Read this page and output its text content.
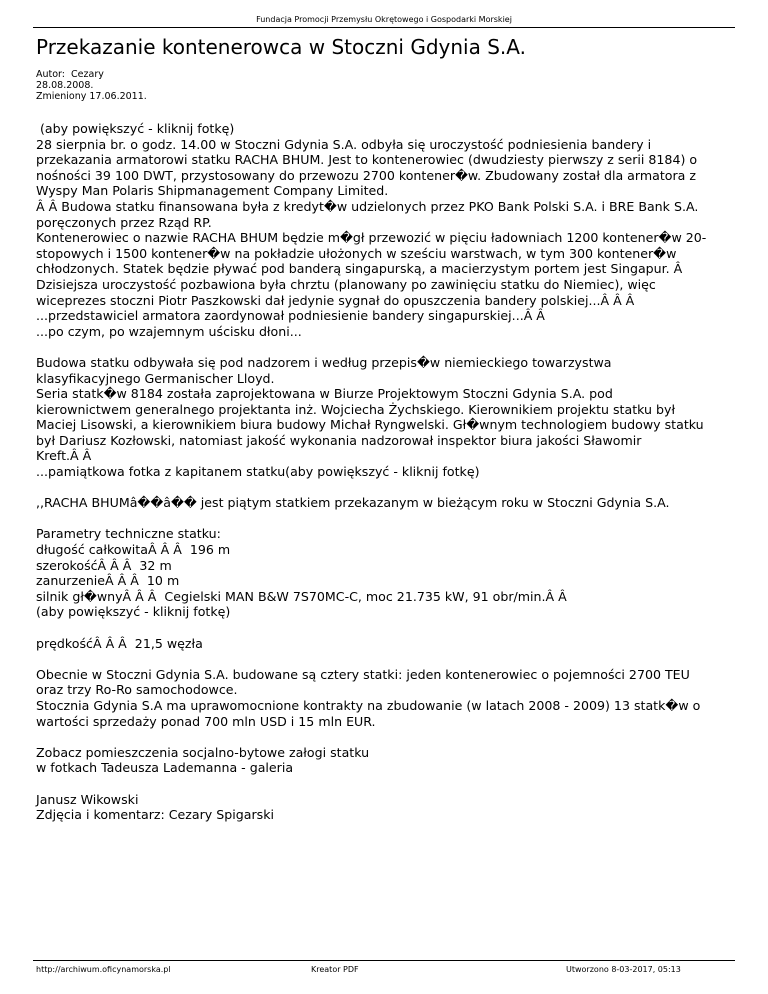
Fundacja Promocji Przemysłu Okrętowego i Gospodarki Morskiej
Przekazanie kontenerowca w Stoczni Gdynia S.A.
Autor:  Cezary
28.08.2008.
Zmieniony 17.06.2011.

(aby powiększyć - kliknij fotkę)

28 sierpnia br. o godz. 14.00 w Stoczni Gdynia S.A. odbyła się uroczystość podniesienia bandery i

przekazania armatorowi statku RACHA BHUM. Jest to kontenerowiec (dwudziesty pierwszy z serii 8184) o

nośności 39 100 DWT, przystosowany do przewozu 2700 kontener�w. Zbudowany został dla armatora z

Wyspy Man Polaris Shipmanagement Company Limited.

Â Â Budowa statku finansowana była z kredyt�w udzielonych przez PKO Bank Polski S.A. i BRE Bank S.A.

poręczonych przez Rząd RP.

Kontenerowiec o nazwie RACHA BHUM będzie m�gł przewozić w pięciu ładowniach 1200 kontener�w 20-

stopowych i 1500 kontener�w na pokładzie ułożonych w sześciu warstwach, w tym 300 kontener�w

chłodzonych. Statek będzie pływać pod banderą singapurską, a macierzystym portem jest Singapur. Â

Dzisiejsza uroczystość pozbawiona była chrztu (planowany po zawinięciu statku do Niemiec), więc

wiceprezes stoczni Piotr Paszkowski dał jedynie sygnał do opuszczenia bandery polskiej...Â Â Â

...przedstawiciel armatora zaordynował podniesienie bandery singapurskiej...Â Â

...po czym, po wzajemnym uścisku dłoni...

Budowa statku odbywała się pod nadzorem i według przepis�w niemieckiego towarzystwa

klasyfikacyjnego Germanischer Lloyd.

Seria statk�w 8184 została zaprojektowana w Biurze Projektowym Stoczni Gdynia S.A. pod

kierownictwem generalnego projektanta inż. Wojciecha Żychskiego. Kierownikiem projektu statku był

Maciej Lisowski, a kierownikiem biura budowy Michał Ryngwelski. Gł�wnym technologiem budowy statku

był Dariusz Kozłowski, natomiast jakość wykonania nadzorował inspektor biura jakości Sławomir

Kreft.Â Â

...pamiątkowa fotka z kapitanem statku(aby powiększyć - kliknij fotkę)

,,RACHA BHUMâ��â�� jest piątym statkiem przekazanym w bieżącym roku w Stoczni Gdynia S.A.

Parametry techniczne statku:

długość całkowitaÂ Â Â  196 m

szerokośćÂ Â Â  32 m

zanurzenieÂ Â Â  10 m

silnik gł�wnyÂ Â Â  Cegielski MAN B&W 7S70MC-C, moc 21.735 kW, 91 obr/min.Â Â

(aby powiększyć - kliknij fotkę)

prędkośćÂ Â Â  21,5 węzła

Obecnie w Stoczni Gdynia S.A. budowane są cztery statki: jeden kontenerowiec o pojemności 2700 TEU

oraz trzy Ro-Ro samochodowce.

Stocznia Gdynia S.A ma uprawomocnione kontrakty na zbudowanie (w latach 2008 - 2009) 13 statk�w o

wartości sprzedaży ponad 700 mln USD i 15 mln EUR.

Zobacz pomieszczenia socjalno-bytowe załogi statku

w fotkach Tadeusza Lademanna - galeria

Janusz Wikowski

Zdjęcia i komentarz: Cezary Spigarski

http://archiwum.oficynamorska.pl	Kreator PDF	Utworzono 8-03-2017, 05:13
